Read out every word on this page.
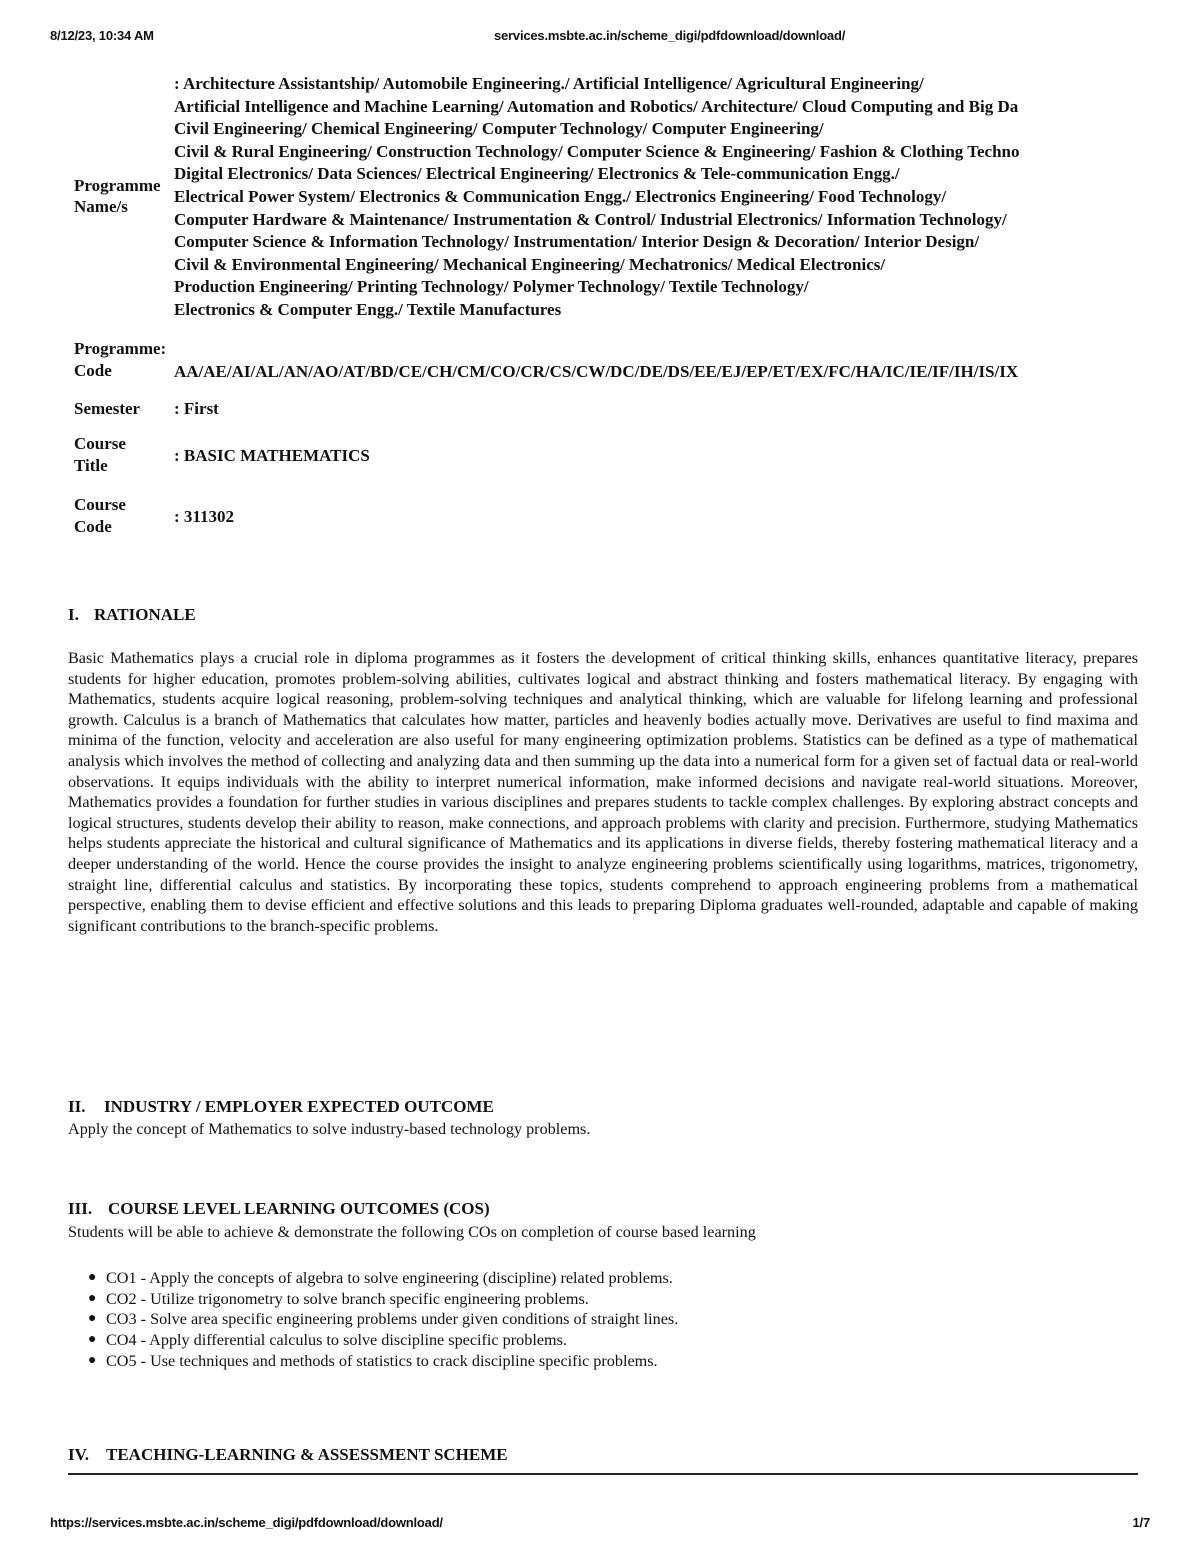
8/12/23, 10:34 AM	services.msbte.ac.in/scheme_digi/pdfdownload/download/
Programme Name/s
: Architecture Assistantship/ Automobile Engineering./ Artificial Intelligence/ Agricultural Engineering/
Artificial Intelligence and Machine Learning/ Automation and Robotics/ Architecture/ Cloud Computing and Big Da
Civil Engineering/ Chemical Engineering/ Computer Technology/ Computer Engineering/
Civil & Rural Engineering/ Construction Technology/ Computer Science & Engineering/ Fashion & Clothing Techno
Digital Electronics/ Data Sciences/ Electrical Engineering/ Electronics & Tele-communication Engg./
Electrical Power System/ Electronics & Communication Engg./ Electronics Engineering/ Food Technology/
Computer Hardware & Maintenance/ Instrumentation & Control/ Industrial Electronics/ Information Technology/
Computer Science & Information Technology/ Instrumentation/ Interior Design & Decoration/ Interior Design/
Civil & Environmental Engineering/ Mechanical Engineering/ Mechatronics/ Medical Electronics/
Production Engineering/ Printing Technology/ Polymer Technology/ Textile Technology/
Electronics & Computer Engg./ Textile Manufactures
Programme: Code	AA/AE/AI/AL/AN/AO/AT/BD/CE/CH/CM/CO/CR/CS/CW/DC/DE/DS/EE/EJ/EP/ET/EX/FC/HA/IC/IE/IF/IH/IS/IX
Semester	: First
Course Title
: BASIC MATHEMATICS
Course Code
: 311302
I. RATIONALE
Basic Mathematics plays a crucial role in diploma programmes as it fosters the development of critical thinking skills, enhances quantitative literacy, prepares students for higher education, promotes problem-solving abilities, cultivates logical and abstract thinking and fosters mathematical literacy. By engaging with Mathematics, students acquire logical reasoning, problem-solving techniques and analytical thinking, which are valuable for lifelong learning and professional growth. Calculus is a branch of Mathematics that calculates how matter, particles and heavenly bodies actually move. Derivatives are useful to find maxima and minima of the function, velocity and acceleration are also useful for many engineering optimization problems. Statistics can be defined as a type of mathematical analysis which involves the method of collecting and analyzing data and then summing up the data into a numerical form for a given set of factual data or real-world observations. It equips individuals with the ability to interpret numerical information, make informed decisions and navigate real-world situations. Moreover, Mathematics provides a foundation for further studies in various disciplines and prepares students to tackle complex challenges. By exploring abstract concepts and logical structures, students develop their ability to reason, make connections, and approach problems with clarity and precision. Furthermore, studying Mathematics helps students appreciate the historical and cultural significance of Mathematics and its applications in diverse fields, thereby fostering mathematical literacy and a deeper understanding of the world. Hence the course provides the insight to analyze engineering problems scientifically using logarithms, matrices, trigonometry, straight line, differential calculus and statistics. By incorporating these topics, students comprehend to approach engineering problems from a mathematical perspective, enabling them to devise efficient and effective solutions and this leads to preparing Diploma graduates well-rounded, adaptable and capable of making significant contributions to the branch-specific problems.
II. INDUSTRY / EMPLOYER EXPECTED OUTCOME
Apply the concept of Mathematics to solve industry-based technology problems.
III. COURSE LEVEL LEARNING OUTCOMES (COS)
Students will be able to achieve & demonstrate the following COs on completion of course based learning
● CO1 - Apply the concepts of algebra to solve engineering (discipline) related problems.
● CO2 - Utilize trigonometry to solve branch specific engineering problems.
● CO3 - Solve area specific engineering problems under given conditions of straight lines.
● CO4 - Apply differential calculus to solve discipline specific problems.
● CO5 - Use techniques and methods of statistics to crack discipline specific problems.
IV. TEACHING-LEARNING & ASSESSMENT SCHEME
https://services.msbte.ac.in/scheme_digi/pdfdownload/download/	1/7
